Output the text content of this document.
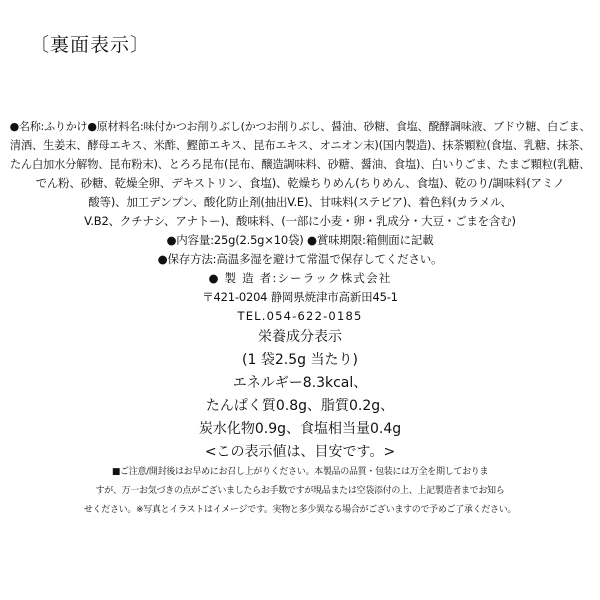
〔裏面表示〕
●名称:ふりかけ●原材料名:味付かつお削りぶし(かつお削りぶし、醤油、砂糖、食塩、醗酵調味液、ブドウ糖、白ごま、
清酒、生姜末、酵母エキス、米酢、鰹節エキス、昆布エキス、オニオン末)(国内製造)、抹茶顆粒(食塩、乳糖、抹茶、
たん白加水分解物、昆布粉末)、とろろ昆布(昆布、醸造調味料、砂糖、醤油、食塩)、白いりごま、たまご顆粒(乳糖、
でん粉、砂糖、乾燥全卵、デキストリン、食塩)、乾燥ちりめん(ちりめん、食塩)、乾のり/調味料(アミノ
酸等)、加工デンプン、酸化防止剤(抽出V.E)、甘味料(ステビア)、着色料(カラメル、
V.B2、クチナシ、アナトー)、酸味料、(一部に小麦・卵・乳成分・大豆・ごまを含む)
●内容量:25g(2.5g×10袋) ●賞味期限:箱側面に記載
●保存方法:高温多湿を避けて常温で保存してください。
● 製 造 者:シーラック株式会社
〒421-0204 静岡県焼津市高新田45-1
TEL.054-622-0185
栄養成分表示
(1 袋2.5g 当たり)
エネルギー8.3kcal、
たんぱく質0.8g、脂質0.2g、
炭水化物0.9g、食塩相当量0.4g
<この表示値は、目安です。>
■ご注意/開封後はお早めにお召し上がりください。本製品の品質・包装には万全を期しておりま
すが、万一お気づきの点がございましたらお手数ですが現品または空袋添付の上、上記製造者までお知ら
せください。※写真とイラストはイメージです。実物と多少異なる場合がございますので予めご了承ください。
